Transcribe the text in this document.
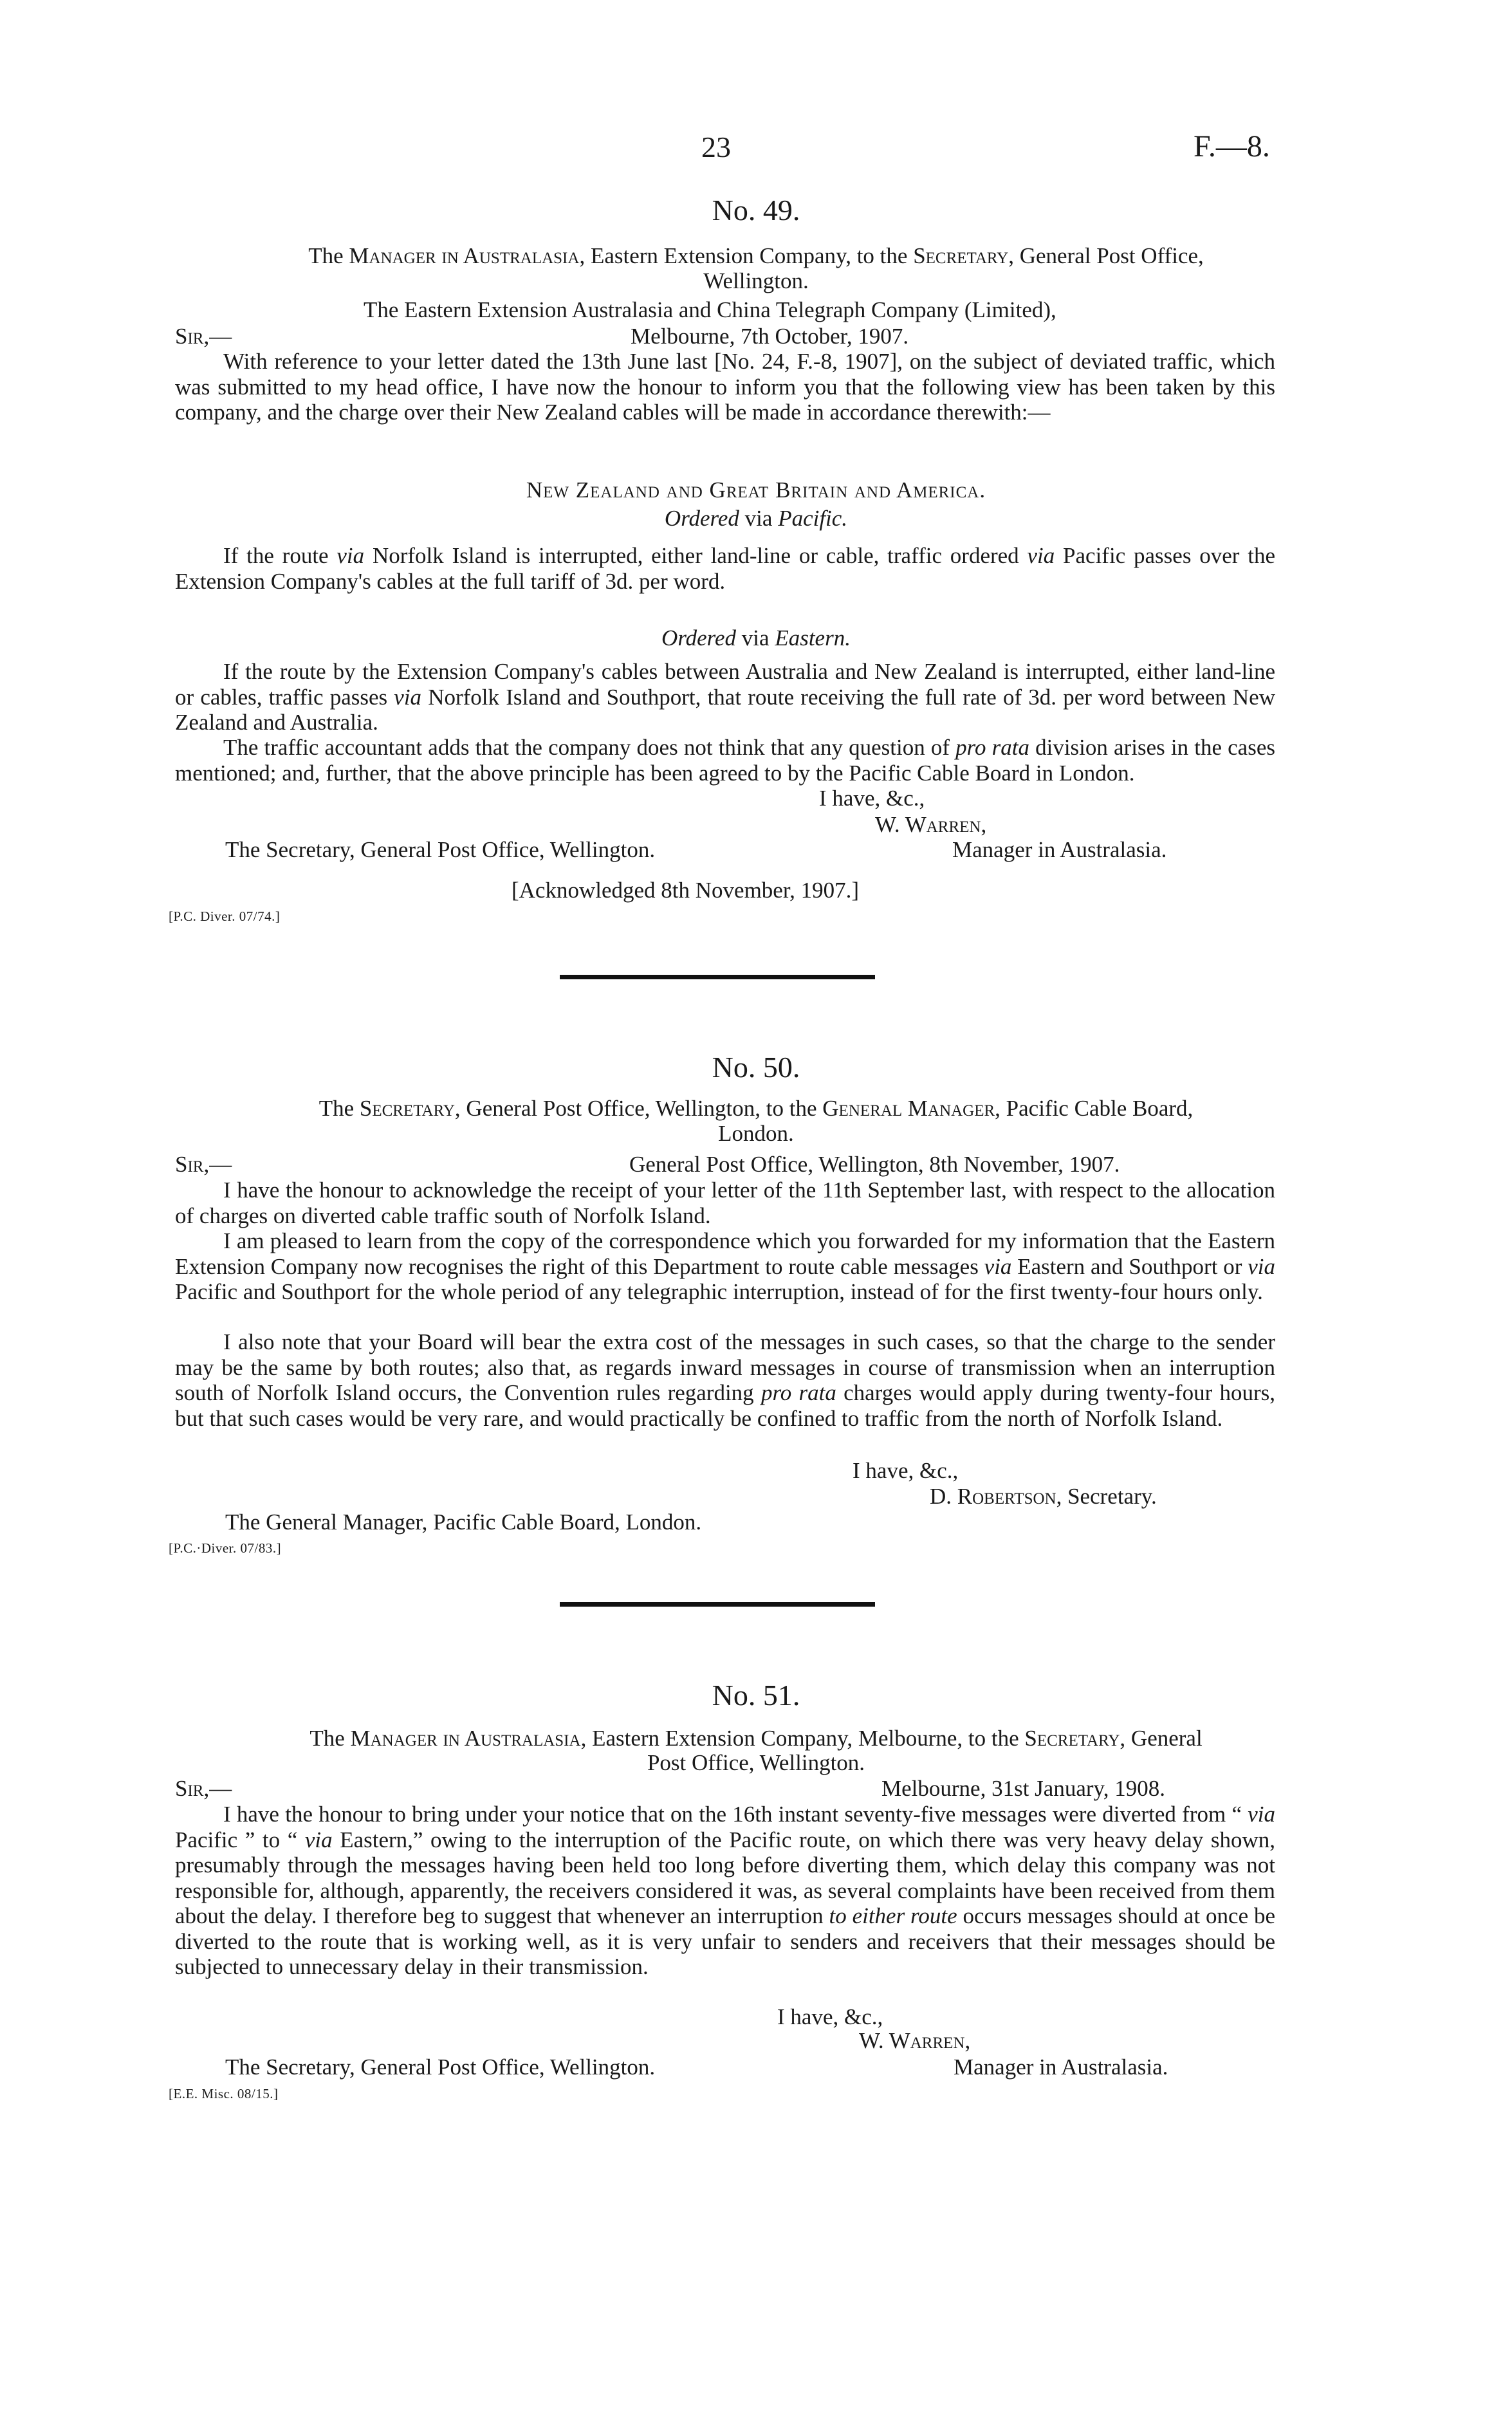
23	F.—8.
No. 49.
The Manager in Australasia, Eastern Extension Company, to the Secretary, General Post Office,
Wellington.
The Eastern Extension Australasia and China Telegraph Company (Limited),
Sir,—	Melbourne, 7th October, 1907.
With reference to your letter dated the 13th June last [No. 24, F.-8, 1907], on the subject of deviated traffic, which was submitted to my head office, I have now the honour to inform you that the following view has been taken by this company, and the charge over their New Zealand cables will be made in accordance therewith:—
New Zealand and Great Britain and America.
Ordered via Pacific.
If the route via Norfolk Island is interrupted, either land-line or cable, traffic ordered via Pacific passes over the Extension Company's cables at the full tariff of 3d. per word.
Ordered via Eastern.
If the route by the Extension Company's cables between Australia and New Zealand is interrupted, either land-line or cables, traffic passes via Norfolk Island and Southport, that route receiving the full rate of 3d. per word between New Zealand and Australia.
The traffic accountant adds that the company does not think that any question of pro rata division arises in the cases mentioned; and, further, that the above principle has been agreed to by the Pacific Cable Board in London.
I have, &c.,
W. Warren,
The Secretary, General Post Office, Wellington.	Manager in Australasia.
[Acknowledged 8th November, 1907.]
[P.C. Diver. 07/74.]
No. 50.
The Secretary, General Post Office, Wellington, to the General Manager, Pacific Cable Board,
London.
Sir,—	General Post Office, Wellington, 8th November, 1907.
I have the honour to acknowledge the receipt of your letter of the 11th September last, with respect to the allocation of charges on diverted cable traffic south of Norfolk Island.
I am pleased to learn from the copy of the correspondence which you forwarded for my information that the Eastern Extension Company now recognises the right of this Department to route cable messages via Eastern and Southport or via Pacific and Southport for the whole period of any telegraphic interruption, instead of for the first twenty-four hours only.
I also note that your Board will bear the extra cost of the messages in such cases, so that the charge to the sender may be the same by both routes; also that, as regards inward messages in course of transmission when an interruption south of Norfolk Island occurs, the Convention rules regarding pro rata charges would apply during twenty-four hours, but that such cases would be very rare, and would practically be confined to traffic from the north of Norfolk Island.
I have, &c.,
D. Robertson, Secretary.
The General Manager, Pacific Cable Board, London.
[P.C.·Diver. 07/83.]
No. 51.
The Manager in Australasia, Eastern Extension Company, Melbourne, to the Secretary, General
Post Office, Wellington.
Sir,—	Melbourne, 31st January, 1908.
I have the honour to bring under your notice that on the 16th instant seventy-five messages were diverted from “ via Pacific ” to “ via Eastern,” owing to the interruption of the Pacific route, on which there was very heavy delay shown, presumably through the messages having been held too long before diverting them, which delay this company was not responsible for, although, apparently, the receivers considered it was, as several complaints have been received from them about the delay. I therefore beg to suggest that whenever an interruption to either route occurs messages should at once be diverted to the route that is working well, as it is very unfair to senders and receivers that their messages should be subjected to unnecessary delay in their transmission.
I have, &c.,
W. Warren,
The Secretary, General Post Office, Wellington.	Manager in Australasia.
[E.E. Misc. 08/15.]
